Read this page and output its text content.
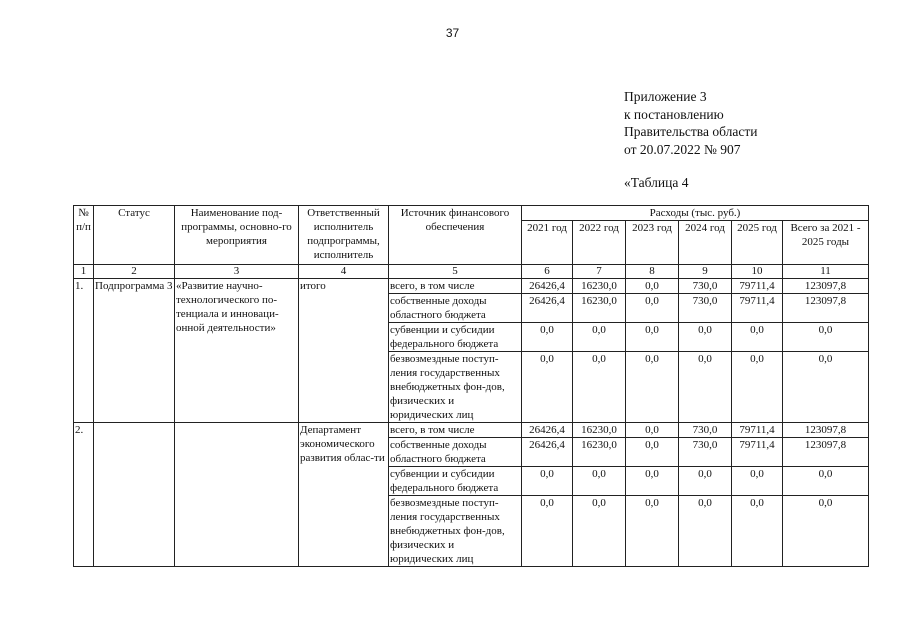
37
Приложение 3
к постановлению
Правительства области
от 20.07.2022 № 907
«Таблица 4
№ п/п	Статус	Наименование под-программы, основно-го мероприятия	Ответственный исполнитель подпрограммы, исполнитель	Источник финансового обеспечения	Расходы (тыс. руб.)					
					2021 год	2022 год	2023 год	2024 год	2025 год	Всего за 2021 - 2025 годы
1	2	3	4	5	6	7	8	9	10	11
1.	Подпрограмма 3	«Развитие научно-технологического по-тенциала и инноваци-онной деятельности»	итого	всего, в том числе	26426,4	16230,0	0,0	730,0	79711,4	123097,8
				собственные доходы областного бюджета	26426,4	16230,0	0,0	730,0	79711,4	123097,8
				субвенции и субсидии федерального бюджета	0,0	0,0	0,0	0,0	0,0	0,0
				безвозмездные поступ-ления государственных внебюджетных фон-дов, физических и юридических лиц	0,0	0,0	0,0	0,0	0,0	0,0
2.			Департамент экономического развития облас-ти	всего, в том числе	26426,4	16230,0	0,0	730,0	79711,4	123097,8
				собственные доходы областного бюджета	26426,4	16230,0	0,0	730,0	79711,4	123097,8
				субвенции и субсидии федерального бюджета	0,0	0,0	0,0	0,0	0,0	0,0
				безвозмездные поступ-ления государственных внебюджетных фон-дов, физических и юридических лиц	0,0	0,0	0,0	0,0	0,0	0,0
